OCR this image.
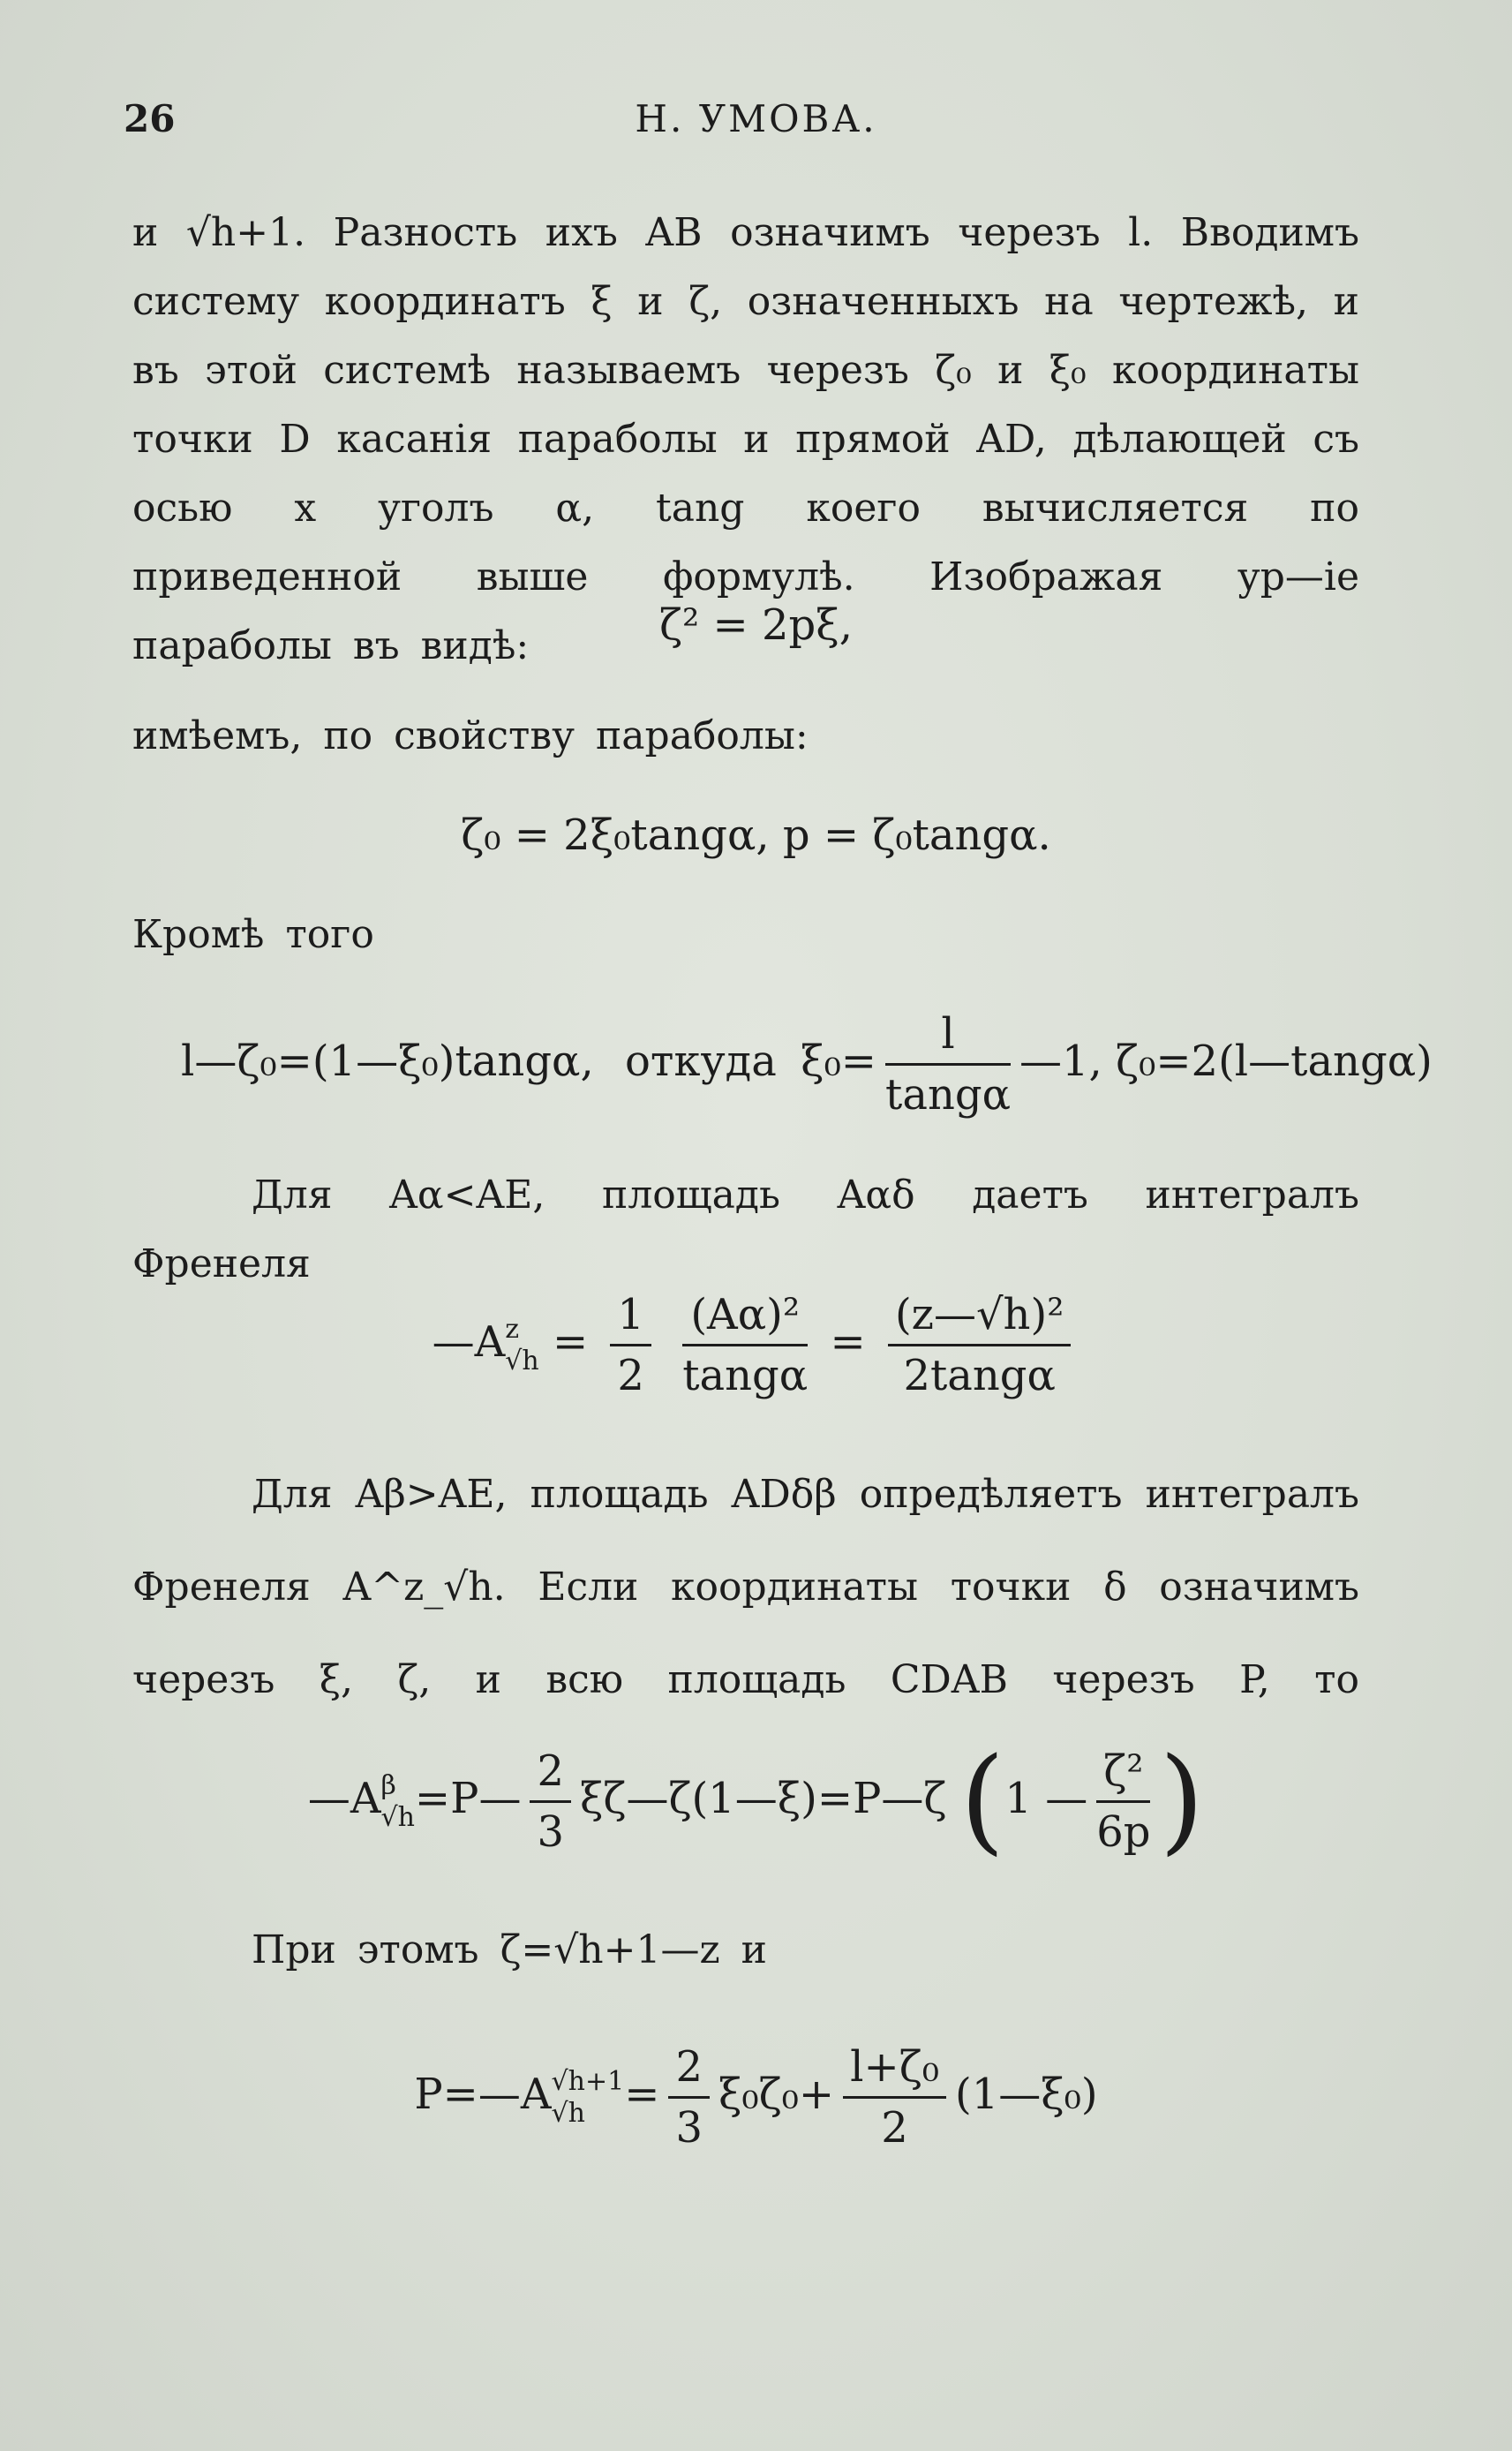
26	Н. УМОВА.
и √h+1. Разность ихъ AB означимъ черезъ l. Вводимъ систему координатъ ξ и ζ, означенныхъ на чертежѣ, и въ этой системѣ называемъ черезъ ζ₀ и ξ₀ координаты точки D касанія параболы и прямой AD, дѣлающей съ осью x уголъ α, tang коего вычисляется по приведенной выше формулѣ. Изображая ур—іе параболы въ видѣ:	ζ² = 2pξ,
имѣемъ, по свойству параболы:
ζ₀ = 2ξ₀tangα, p = ζ₀tangα.
Кромѣ того
l—ζ₀=(1—ξ₀)tangα, откуда $\xi_0= \frac{l}{\tan g\alpha}$ —1, ζ₀=2(l—tangα)
Для Aα<AE, площадь Aαδ даетъ интегралъ Френеля
—A z
$√h = \frac{1}{2}$
$\frac{\text{(Aα)²}}{\tan g\alpha} = \frac{\text{(z—√h)²}}{2\tan g\alpha}$
Для Aβ>AE, площадь ADδβ опредѣляетъ интегралъ Френеля A^z_√h. Если координаты точки δ означимъ черезъ ξ, ζ, и всю площадь CDAB черезъ P, то
—A β
√h =P— $\frac{2}{3}$ ξζ—ζ(1—ξ)=P—ζ (1 — $\frac{\text{ζ²}}{6p}$ )
При этомъ ζ=√h+1—z и
P=—A √h+1
$√h = \frac{2}{3} \xi_0\zeta_0+ \frac{\text{l+ζ₀}}{2}$ (1—ξ₀)
